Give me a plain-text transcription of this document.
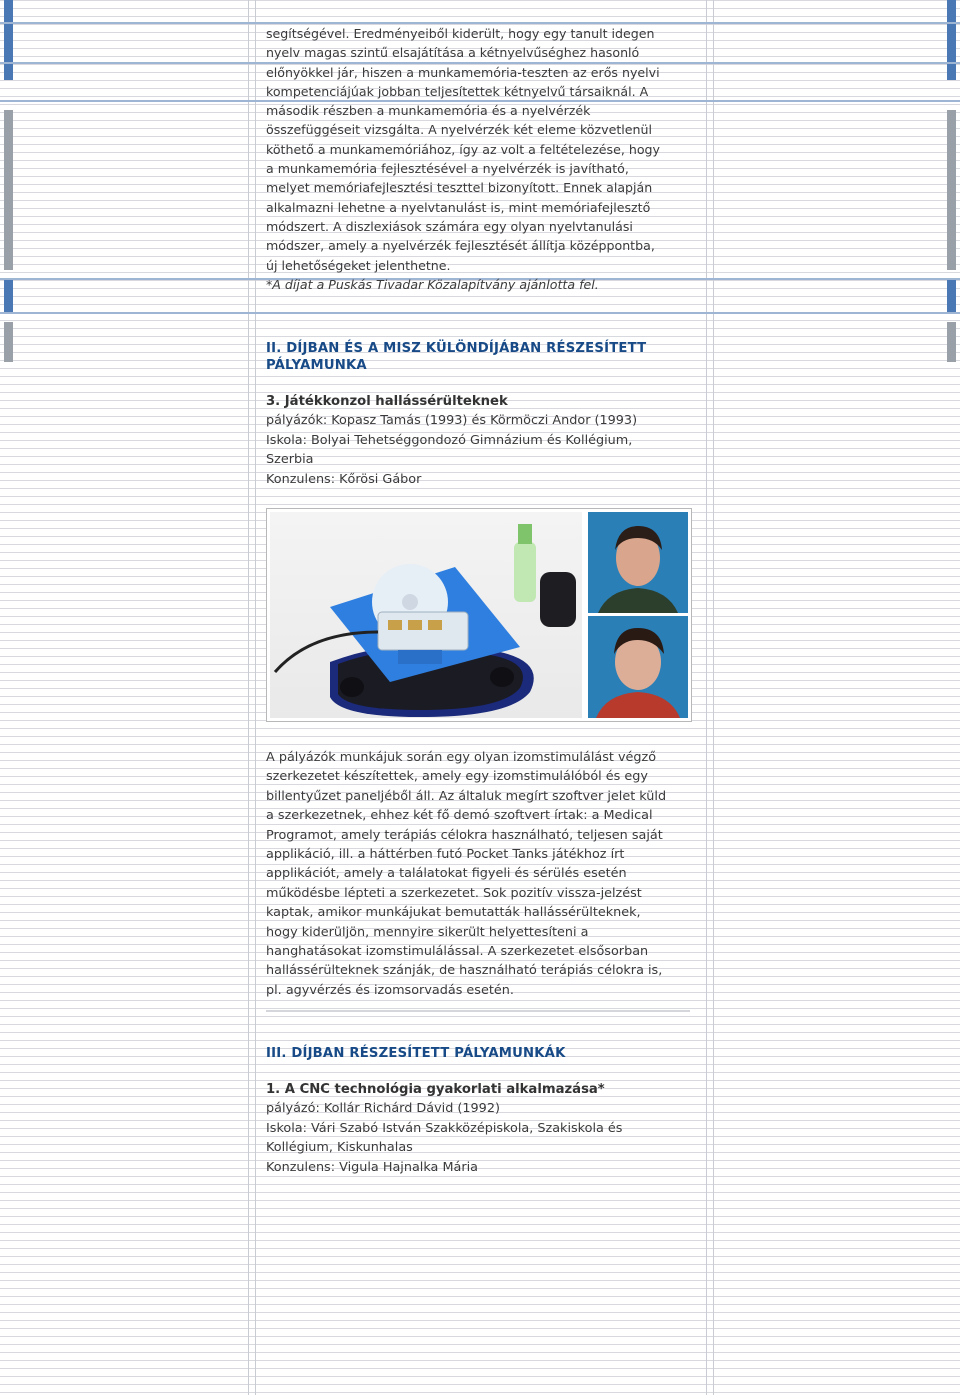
segítségével. Eredményeiből kiderült, hogy egy tanult idegen

nyelv magas szintű elsajátítása a kétnyelvűséghez hasonló

előnyökkel jár, hiszen a munkamemória-teszten az erős nyelvi

kompetenciájúak jobban teljesítettek kétnyelvű társaiknál. A

második részben a munkamemória és a nyelvérzék

összefüggéseit vizsgálta. A nyelvérzék két eleme közvetlenül

köthető a munkamemóriához, így az volt a feltételezése, hogy

a munkamemória fejlesztésével a nyelvérzék is javítható,

melyet memóriafejlesztési teszttel bizonyított. Ennek alapján

alkalmazni lehetne a nyelvtanulást is, mint memóriafejlesztő

módszert. A diszlexiások számára egy olyan nyelvtanulási

módszer, amely a nyelvérzék fejlesztését állítja középpontba,

új lehetőségeket jelenthetne.

*A díjat a Puskás Tivadar Közalapítvány ajánlotta fel.

II. DÍJBAN ÉS A MISZ KÜLÖNDÍJÁBAN RÉSZESÍTETT

PÁLYAMUNKA

3. Játékkonzol hallássérülteknek

pályázók: Kopasz Tamás (1993) és Körmöczi Andor (1993)

Iskola: Bolyai Tehetséggondozó Gimnázium és Kollégium,

Szerbia

Konzulens: Kőrösi Gábor

A pályázók munkájuk során egy olyan izomstimulálást végző

szerkezetet készítettek, amely egy izomstimulálóból és egy

billentyűzet paneljéből áll. Az általuk megírt szoftver jelet küld

a szerkezetnek, ehhez két fő demó szoftvert írtak: a Medical

Programot, amely terápiás célokra használható, teljesen saját

applikáció, ill. a háttérben futó Pocket Tanks játékhoz írt

applikációt, amely a találatokat figyeli és sérülés esetén

működésbe lépteti a szerkezetet. Sok pozitív vissza-jelzést

kaptak, amikor munkájukat bemutatták hallássérülteknek,

hogy kiderüljön, mennyire sikerült helyettesíteni a

hanghatásokat izomstimulálással. A szerkezetet elsősorban

hallássérülteknek szánják, de használható terápiás célokra is,

pl. agyvérzés és izomsorvadás esetén.

III. DÍJBAN RÉSZESÍTETT PÁLYAMUNKÁK

1. A CNC technológia gyakorlati alkalmazása*

pályázó: Kollár Richárd Dávid (1992)

Iskola: Vári Szabó István Szakközépiskola, Szakiskola és

Kollégium, Kiskunhalas

Konzulens: Vigula Hajnalka Mária
